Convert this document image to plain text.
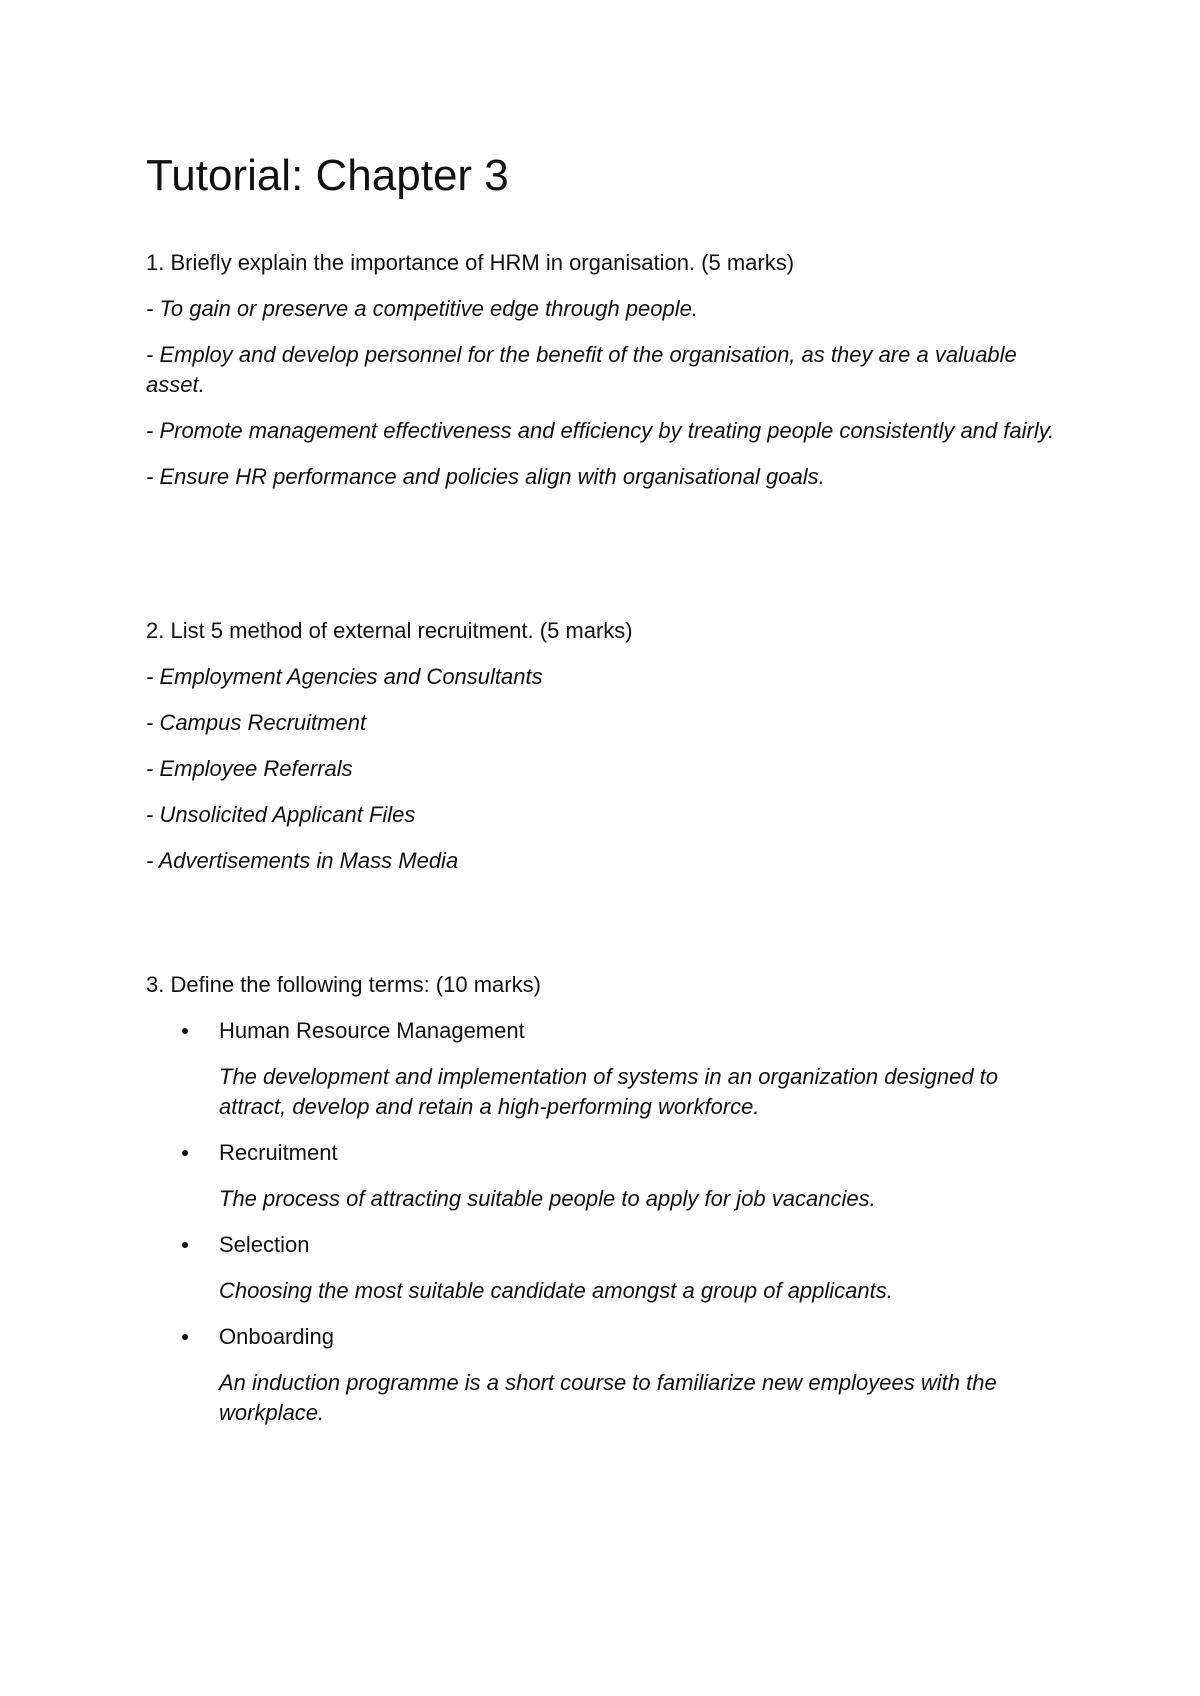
Tutorial: Chapter 3

1. Briefly explain the importance of HRM in organisation. (5 marks)

- To gain or preserve a competitive edge through people.
- Employ and develop personnel for the benefit of the organisation, as they are a valuable asset.
- Promote management effectiveness and efficiency by treating people consistently and fairly.
- Ensure HR performance and policies align with organisational goals.

2. List 5 method of external recruitment. (5 marks)

- Employment Agencies and Consultants
- Campus Recruitment
- Employee Referrals
- Unsolicited Applicant Files
- Advertisements in Mass Media

3. Define the following terms: (10 marks)

Human Resource Management
The development and implementation of systems in an organization designed to attract, develop and retain a high-performing workforce.
Recruitment
The process of attracting suitable people to apply for job vacancies.
Selection
Choosing the most suitable candidate amongst a group of applicants.
Onboarding
An induction programme is a short course to familiarize new employees with the workplace.
